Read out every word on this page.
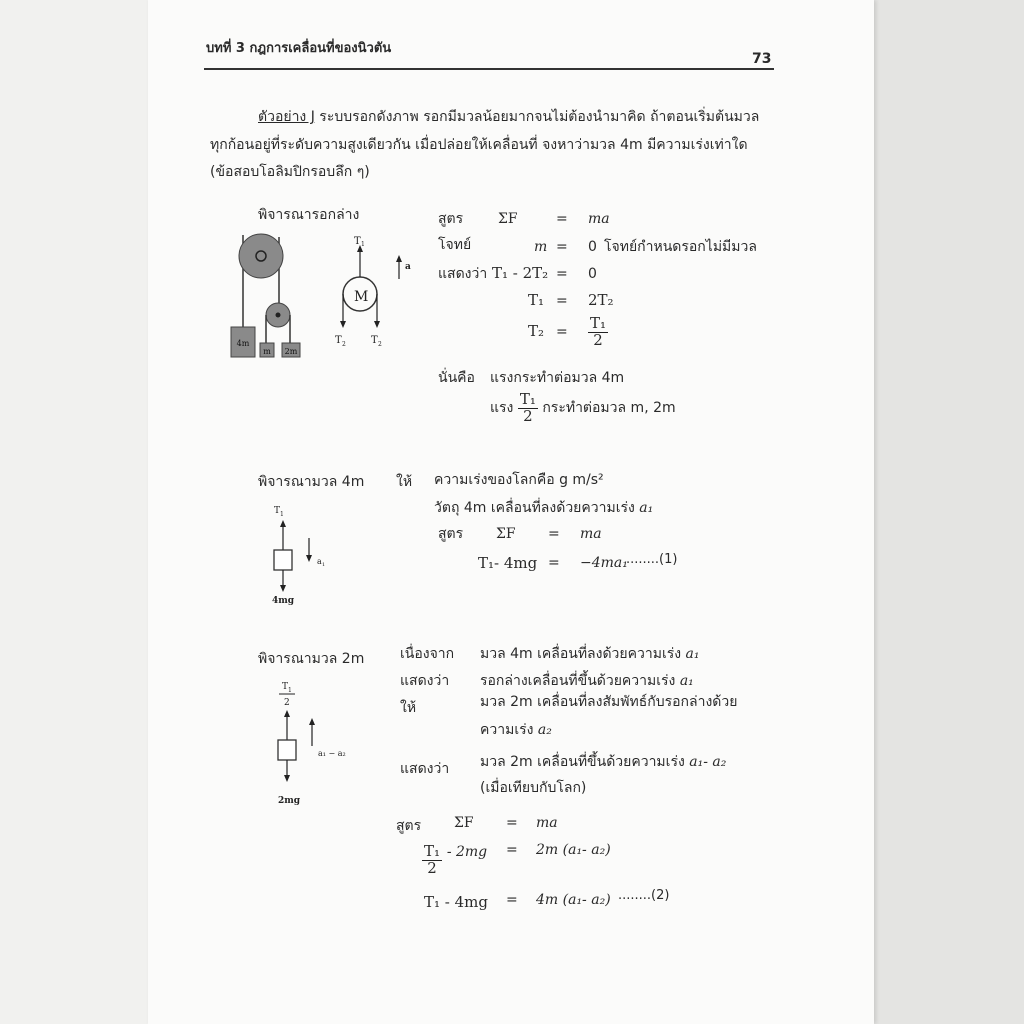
บทที่ 3 กฎการเคลื่อนที่ของนิวตัน
73
ตัวอย่าง J ระบบรอกดังภาพ รอกมีมวลน้อยมากจนไม่ต้องนำมาคิด ถ้าตอนเริ่มต้นมวล
ทุกก้อนอยู่ที่ระดับความสูงเดียวกัน เมื่อปล่อยให้เคลื่อนที่ จงหาว่ามวล 4m มีความเร่งเท่าใด
(ข้อสอบโอลิมปิกรอบลึก ๆ)
พิจารณารอกล่าง
4m
m 2m
M
T 1
a
T 2	T 2
สูตร ΣF	= ma
โจทย์	m = 0 โจทย์กำหนดรอกไม่มีมวล
แสดงว่า T₁ - 2T₂ = 0
T₁ = 2T₂
$T_2 = \frac{\text{T₁}}{2}$
นั่นคือ แรงกระทำต่อมวล 4m
แรง $\frac{\text{T₁}}{2}$ กระทำต่อมวล m, 2m
พิจารณามวล 4m ให้ ความเร่งของโลกคือ g m/s²
วัตถุ 4m เคลื่อนที่ลงด้วยความเร่ง a₁
สูตร ΣF = ma
T₁- 4mg = −4ma₁
........(1)
T 1
4mg
a 1
พิจารณามวล 2m	เนื่องจาก มวล 4m เคลื่อนที่ลงด้วยความเร่ง a₁
แสดงว่า รอกล่างเคลื่อนที่ขึ้นด้วยความเร่ง a₁
ให้	มวล 2m เคลื่อนที่ลงสัมพัทธ์กับรอกล่างด้วย
ความเร่ง a₂
แสดงว่า มวล 2m เคลื่อนที่ขึ้นด้วยความเร่ง a₁- a₂
(เมื่อเทียบกับโลก)
สูตร ΣF = ma
$\frac{\text{T₁}}{2} - 2mg = 2m$ (a₁- a₂)
T₁ - 4mg = 4m (a₁- a₂) ........(2)
T 1
2
2mg
a₁ − a₂
